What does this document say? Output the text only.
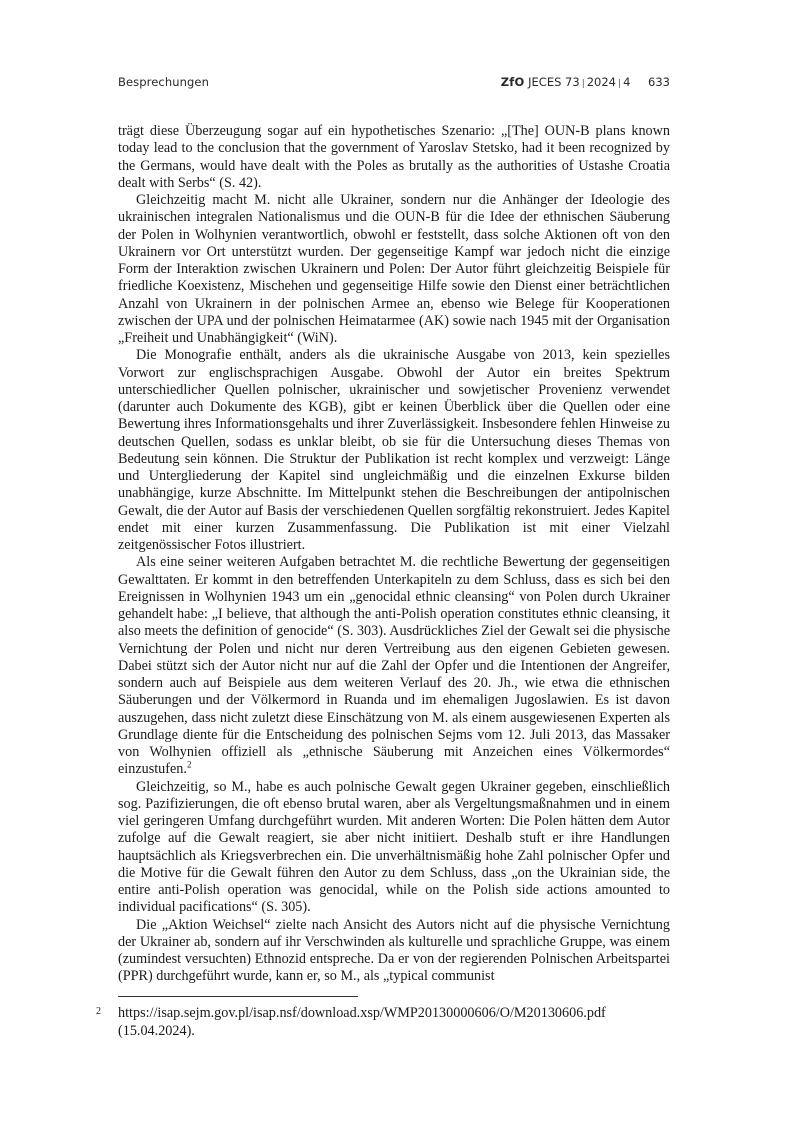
Besprechungen	ZfO JECES 73 | 2024 | 4 633

trägt diese Überzeugung sogar auf ein hypothetisches Szenario: „[The] OUN-B plans known today lead to the conclusion that the government of Yaroslav Stetsko, had it been recognized by the Germans, would have dealt with the Poles as brutally as the authorities of Ustashe Croatia dealt with Serbs“ (S. 42).

Gleichzeitig macht M. nicht alle Ukrainer, sondern nur die Anhänger der Ideologie des ukrainischen integralen Nationalismus und die OUN-B für die Idee der ethnischen Säuberung der Polen in Wolhynien verantwortlich, obwohl er feststellt, dass solche Aktionen oft von den Ukrainern vor Ort unterstützt wurden. Der gegenseitige Kampf war jedoch nicht die einzige Form der Interaktion zwischen Ukrainern und Polen: Der Autor führt gleichzeitig Beispiele für friedliche Koexistenz, Mischehen und gegenseitige Hilfe sowie den Dienst einer beträchtlichen Anzahl von Ukrainern in der polnischen Armee an, ebenso wie Belege für Kooperationen zwischen der UPA und der polnischen Heimatarmee (AK) sowie nach 1945 mit der Organisation „Freiheit und Unabhängigkeit“ (WiN).

Die Monografie enthält, anders als die ukrainische Ausgabe von 2013, kein spezielles Vorwort zur englischsprachigen Ausgabe. Obwohl der Autor ein breites Spektrum unterschiedlicher Quellen polnischer, ukrainischer und sowjetischer Provenienz verwendet (darunter auch Dokumente des KGB), gibt er keinen Überblick über die Quellen oder eine Bewertung ihres Informationsgehalts und ihrer Zuverlässigkeit. Insbesondere fehlen Hinweise zu deutschen Quellen, sodass es unklar bleibt, ob sie für die Untersuchung dieses Themas von Bedeutung sein können. Die Struktur der Publikation ist recht komplex und verzweigt: Länge und Untergliederung der Kapitel sind ungleichmäßig und die einzelnen Exkurse bilden unabhängige, kurze Abschnitte. Im Mittelpunkt stehen die Beschreibungen der antipolnischen Gewalt, die der Autor auf Basis der verschiedenen Quellen sorgfältig rekonstruiert. Jedes Kapitel endet mit einer kurzen Zusammenfassung. Die Publikation ist mit einer Vielzahl zeitgenössischer Fotos illustriert.

Als eine seiner weiteren Aufgaben betrachtet M. die rechtliche Bewertung der gegenseitigen Gewalttaten. Er kommt in den betreffenden Unterkapiteln zu dem Schluss, dass es sich bei den Ereignissen in Wolhynien 1943 um ein „genocidal ethnic cleansing“ von Polen durch Ukrainer gehandelt habe: „I believe, that although the anti-Polish operation constitutes ethnic cleansing, it also meets the definition of genocide“ (S. 303). Ausdrückliches Ziel der Gewalt sei die physische Vernichtung der Polen und nicht nur deren Vertreibung aus den eigenen Gebieten gewesen. Dabei stützt sich der Autor nicht nur auf die Zahl der Opfer und die Intentionen der Angreifer, sondern auch auf Beispiele aus dem weiteren Verlauf des 20. Jh., wie etwa die ethnischen Säuberungen und der Völkermord in Ruanda und im ehemaligen Jugoslawien. Es ist davon auszugehen, dass nicht zuletzt diese Einschätzung von M. als einem ausgewiesenen Experten als Grundlage diente für die Entscheidung des polnischen Sejms vom 12. Juli 2013, das Massaker von Wolhynien offiziell als „ethnische Säuberung mit Anzeichen eines Völkermordes“ einzustufen.$^2$

Gleichzeitig, so M., habe es auch polnische Gewalt gegen Ukrainer gegeben, einschließlich sog. Pazifizierungen, die oft ebenso brutal waren, aber als Vergeltungsmaßnahmen und in einem viel geringeren Umfang durchgeführt wurden. Mit anderen Worten: Die Polen hätten dem Autor zufolge auf die Gewalt reagiert, sie aber nicht initiiert. Deshalb stuft er ihre Handlungen hauptsächlich als Kriegsverbrechen ein. Die unverhältnismäßig hohe Zahl polnischer Opfer und die Motive für die Gewalt führen den Autor zu dem Schluss, dass „on the Ukrainian side, the entire anti-Polish operation was genocidal, while on the Polish side actions amounted to individual pacifications“ (S. 305).

Die „Aktion Weichsel“ zielte nach Ansicht des Autors nicht auf die physische Vernichtung der Ukrainer ab, sondern auf ihr Verschwinden als kulturelle und sprachliche Gruppe, was einem (zumindest versuchten) Ethnozid entspreche. Da er von der regierenden Polnischen Arbeitspartei (PPR) durchgeführt wurde, kann er, so M., als „typical communist

2 https://isap.sejm.gov.pl/isap.nsf/download.xsp/WMP20130000606/O/M20130606.pdf (15.04.2024).
